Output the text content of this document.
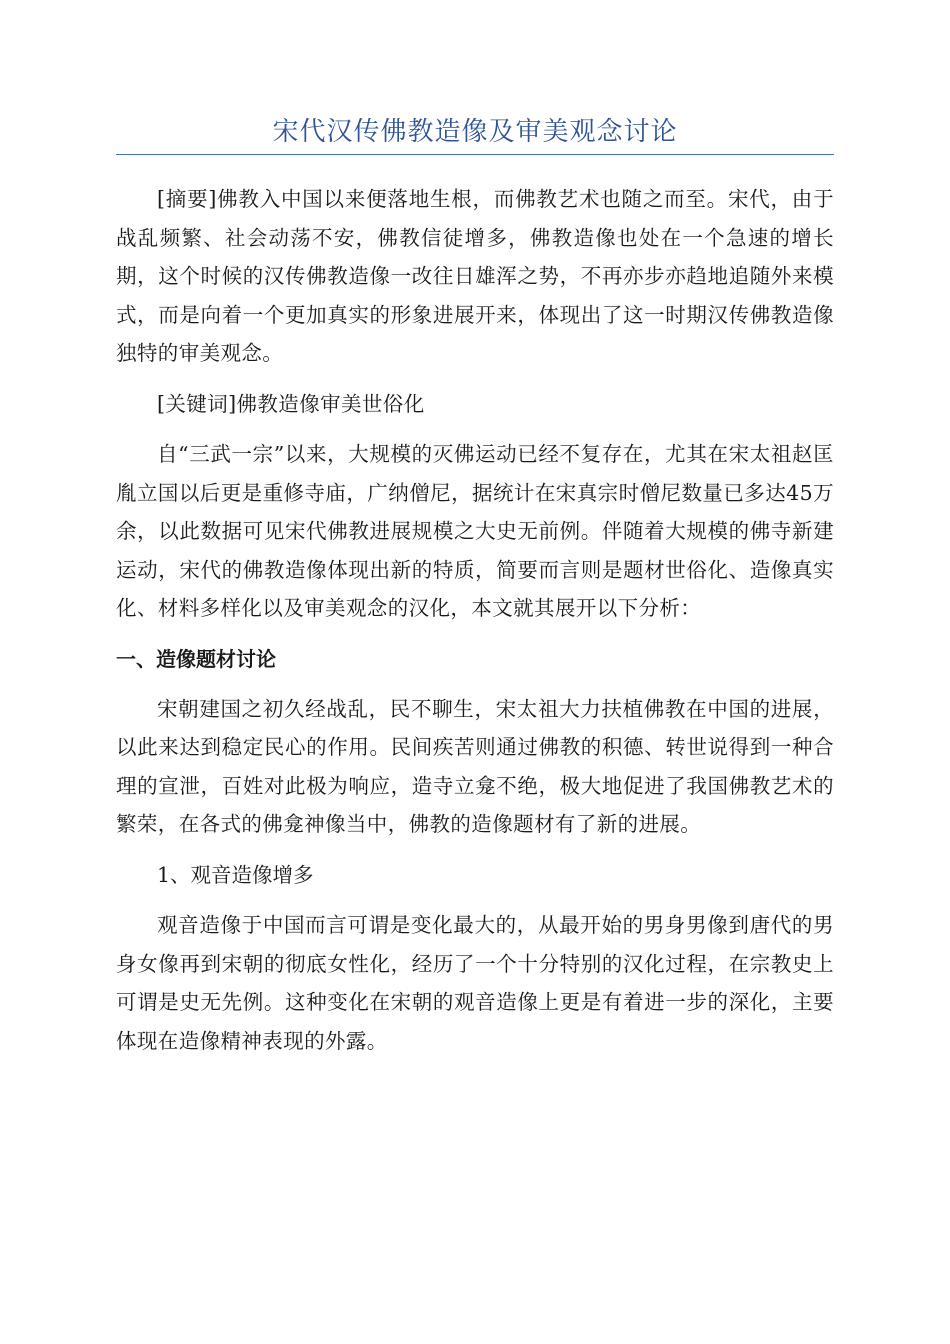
宋代汉传佛教造像及审美观念讨论

[摘要]佛教入中国以来便落地生根，而佛教艺术也随之而至。宋代，由于战乱频繁、社会动荡不安，佛教信徒增多，佛教造像也处在一个急速的增长期，这个时候的汉传佛教造像一改往日雄浑之势，不再亦步亦趋地追随外来模式，而是向着一个更加真实的形象进展开来，体现出了这一时期汉传佛教造像独特的审美观念。

[关键词]佛教造像审美世俗化

自“三武一宗”以来，大规模的灭佛运动已经不复存在，尤其在宋太祖赵匡胤立国以后更是重修寺庙，广纳僧尼，据统计在宋真宗时僧尼数量已多达45万余，以此数据可见宋代佛教进展规模之大史无前例。伴随着大规模的佛寺新建运动，宋代的佛教造像体现出新的特质，简要而言则是题材世俗化、造像真实化、材料多样化以及审美观念的汉化，本文就其展开以下分析：

一、造像题材讨论

宋朝建国之初久经战乱，民不聊生，宋太祖大力扶植佛教在中国的进展，以此来达到稳定民心的作用。民间疾苦则通过佛教的积德、转世说得到一种合理的宣泄，百姓对此极为响应，造寺立龛不绝，极大地促进了我国佛教艺术的繁荣，在各式的佛龛神像当中，佛教的造像题材有了新的进展。

1、观音造像增多

观音造像于中国而言可谓是变化最大的，从最开始的男身男像到唐代的男身女像再到宋朝的彻底女性化，经历了一个十分特别的汉化过程，在宗教史上可谓是史无先例。这种变化在宋朝的观音造像上更是有着进一步的深化，主要体现在造像精神表现的外露。
